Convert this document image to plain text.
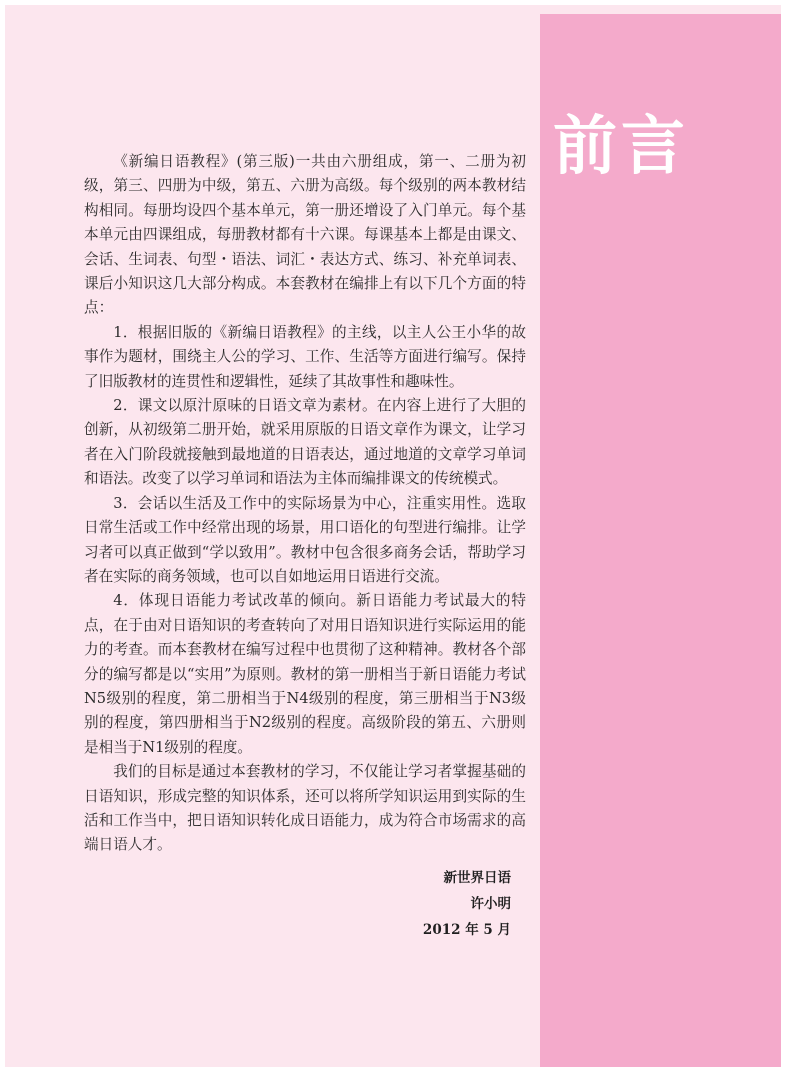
前言

《新编日语教程》(第三版)一共由六册组成，第一、二册为初级，第三、四册为中级，第五、六册为高级。每个级别的两本教材结构相同。每册均设四个基本单元，第一册还增设了入门单元。每个基本单元由四课组成，每册教材都有十六课。每课基本上都是由课文、会话、生词表、句型・语法、词汇・表达方式、练习、补充单词表、课后小知识这几大部分构成。本套教材在编排上有以下几个方面的特点：

1．根据旧版的《新编日语教程》的主线，以主人公王小华的故事作为题材，围绕主人公的学习、工作、生活等方面进行编写。保持了旧版教材的连贯性和逻辑性，延续了其故事性和趣味性。

2．课文以原汁原味的日语文章为素材。在内容上进行了大胆的创新，从初级第二册开始，就采用原版的日语文章作为课文，让学习者在入门阶段就接触到最地道的日语表达，通过地道的文章学习单词和语法。改变了以学习单词和语法为主体而编排课文的传统模式。

3．会话以生活及工作中的实际场景为中心，注重实用性。选取日常生活或工作中经常出现的场景，用口语化的句型进行编排。让学习者可以真正做到“学以致用”。教材中包含很多商务会话，帮助学习者在实际的商务领域，也可以自如地运用日语进行交流。

4．体现日语能力考试改革的倾向。新日语能力考试最大的特点，在于由对日语知识的考查转向了对用日语知识进行实际运用的能力的考查。而本套教材在编写过程中也贯彻了这种精神。教材各个部分的编写都是以“实用”为原则。教材的第一册相当于新日语能力考试N5级别的程度，第二册相当于N4级别的程度，第三册相当于N3级别的程度，第四册相当于N2级别的程度。高级阶段的第五、六册则是相当于N1级别的程度。

我们的目标是通过本套教材的学习，不仅能让学习者掌握基础的日语知识，形成完整的知识体系，还可以将所学知识运用到实际的生活和工作当中，把日语知识转化成日语能力，成为符合市场需求的高端日语人才。

新世界日语
许小明
2012 年 5 月
